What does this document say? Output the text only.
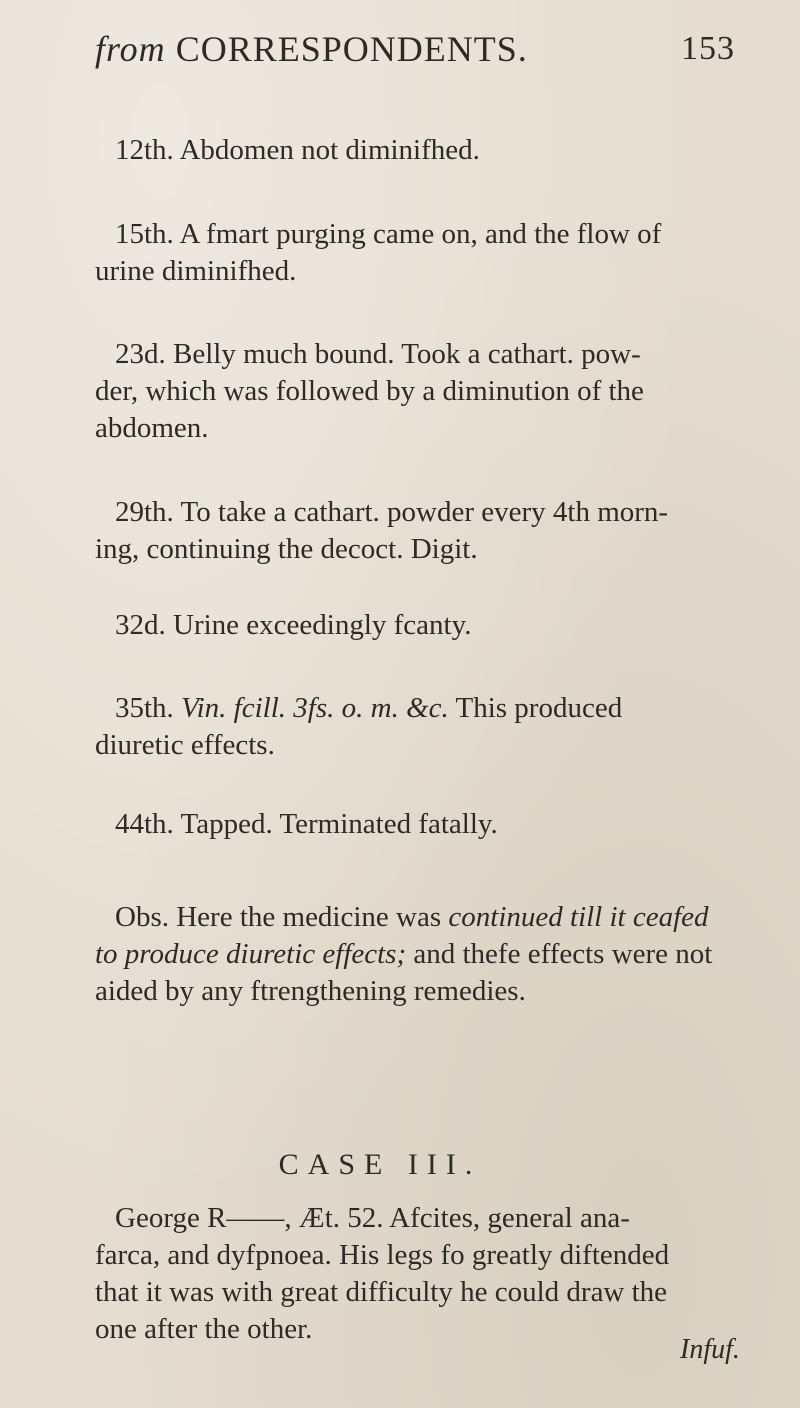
from CORRESPONDENTS.	153
12th. Abdomen not diminifhed.
15th. A fmart purging came on, and the flow of
urine diminifhed.
23d. Belly much bound. Took a cathart. pow-
der, which was followed by a diminution of the
abdomen.
29th. To take a cathart. powder every 4th morn-
ing, continuing the decoct. Digit.
32d. Urine exceedingly fcanty.
35th. Vin. fcill. 3fs. o. m. &c. This produced
diuretic effects.
44th. Tapped. Terminated fatally.
Obs. Here the medicine was continued till it ceafed
to produce diuretic effects; and thefe effects were not
aided by any ftrengthening remedies.
CASE III.
George R——, Æt. 52. Afcites, general ana-
farca, and dyfpnoea. His legs fo greatly diftended
that it was with great difficulty he could draw the
one after the other.
Infuf.
